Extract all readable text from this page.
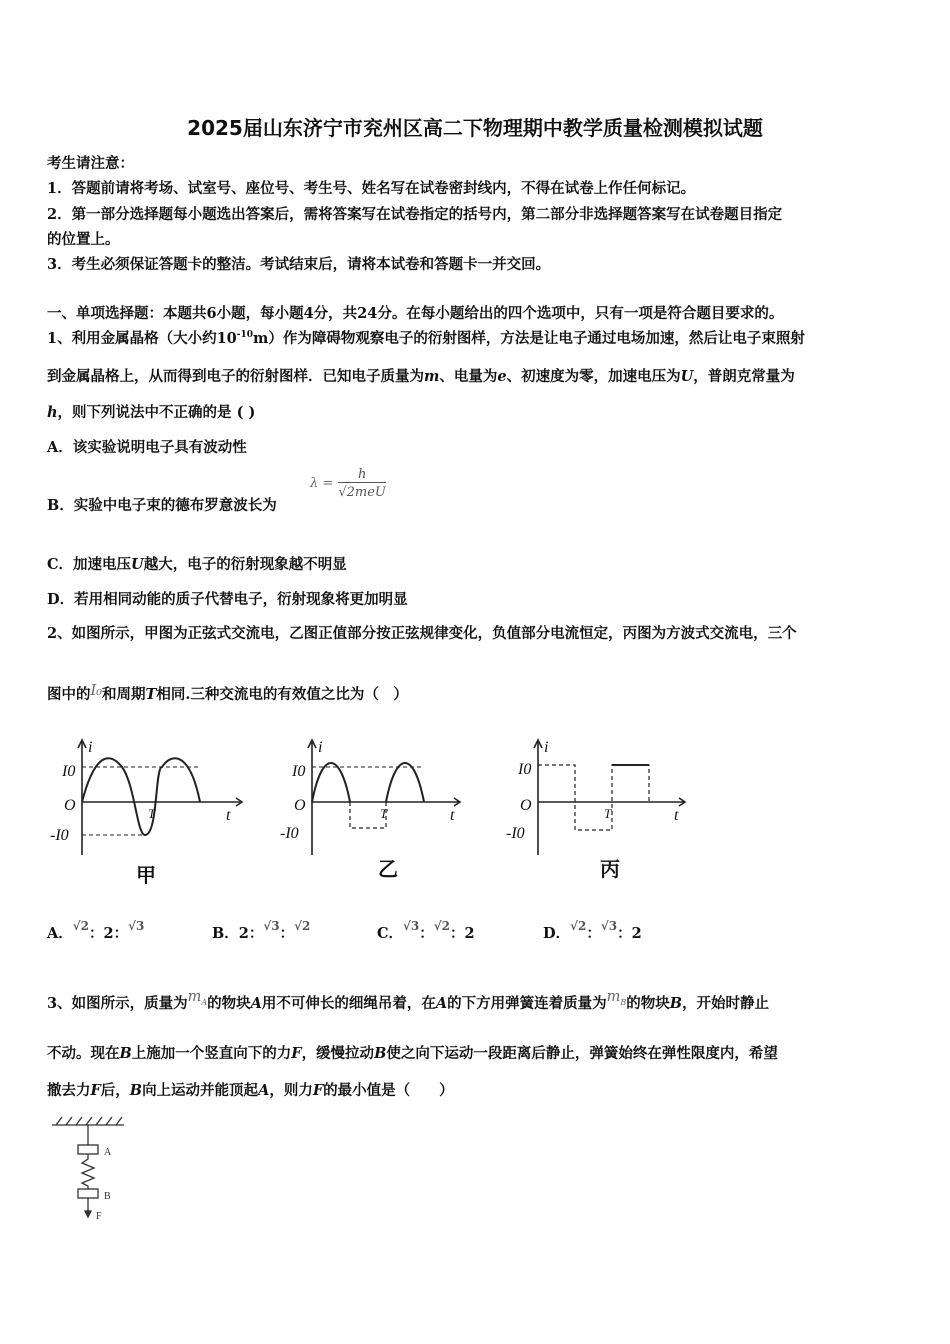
2025届山东济宁市兖州区高二下物理期中教学质量检测模拟试题
考生请注意：
1．答题前请将考场、试室号、座位号、考生号、姓名写在试卷密封线内，不得在试卷上作任何标记。
2．第一部分选择题每小题选出答案后，需将答案写在试卷指定的括号内，第二部分非选择题答案写在试卷题目指定
的位置上。
3．考生必须保证答题卡的整洁。考试结束后，请将本试卷和答题卡一并交回。
一、单项选择题：本题共6小题，每小题4分，共24分。在每小题给出的四个选项中，只有一项是符合题目要求的。
1、利用金属晶格（大小约$10^{-10}m$）作为障碍物观察电子的衍射图样，方法是让电子通过电场加速，然后让电子束照射
到金属晶格上，从而得到电子的衍射图样．已知电子质量为m、电量为e、初速度为零，加速电压为U，普朗克常量为
h，则下列说法中不正确的是 ( )
A．该实验说明电子具有波动性
B．实验中电子束的德布罗意波长为
$\lambda = \frac{h}{\text{√2meU}}$
C．加速电压U越大，电子的衍射现象越不明显
D．若用相同动能的质子代替电子，衍射现象将更加明显
2、如图所示，甲图为正弦式交流电，乙图正值部分按正弦规律变化，负值部分电流恒定，丙图为方波式交流电，三个
图中的I₀和周期T相同.三种交流电的有效值之比为（　）
i
I0
O
-I0
T	t
i
I0
O
-I0
T	t
i
I0
O
-I0
T	t
甲	乙	丙
A．$^{√2}$：2：$^{√3}$	B．2：$^{√3}$：$^{√2}$	C．$^{√3}$：$^{√2}$：2	D．$^{√2}$：$^{√3}$：2
3、如图所示，质量为$m_A$的物块A用不可伸长的细绳吊着，在A的下方用弹簧连着质量为$m_B$的物块B，开始时静止
不动。现在B上施加一个竖直向下的力F，缓慢拉动B使之向下运动一段距离后静止，弹簧始终在弹性限度内，希望
撤去力F后，B向上运动并能顶起A，则力F的最小值是（　　）
A
B
F
